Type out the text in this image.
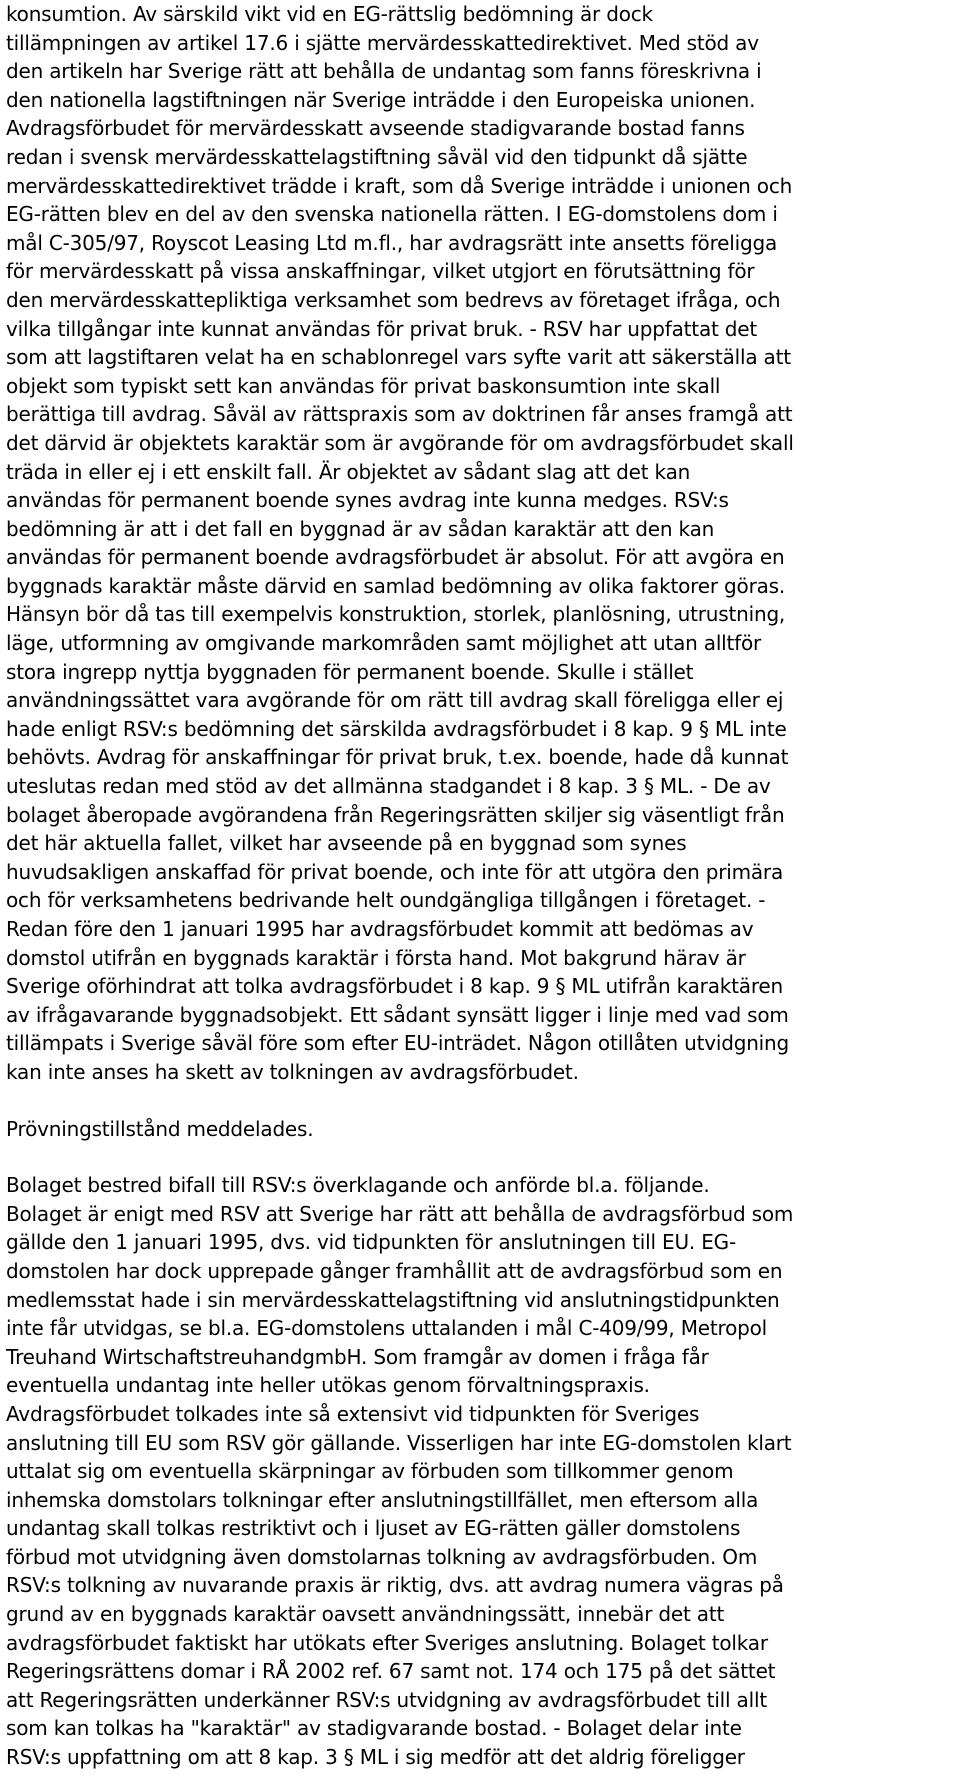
konsumtion. Av särskild vikt vid en EG-rättslig bedömning är dock
tillämpningen av artikel 17.6 i sjätte mervärdesskattedirektivet. Med stöd av
den artikeln har Sverige rätt att behålla de undantag som fanns föreskrivna i
den nationella lagstiftningen när Sverige inträdde i den Europeiska unionen.
Avdragsförbudet för mervärdesskatt avseende stadigvarande bostad fanns
redan i svensk mervärdesskattelagstiftning såväl vid den tidpunkt då sjätte
mervärdesskattedirektivet trädde i kraft, som då Sverige inträdde i unionen och
EG-rätten blev en del av den svenska nationella rätten. I EG-domstolens dom i
mål C-305/97, Royscot Leasing Ltd m.fl., har avdragsrätt inte ansetts föreligga
för mervärdesskatt på vissa anskaffningar, vilket utgjort en förutsättning för
den mervärdesskattepliktiga verksamhet som bedrevs av företaget ifråga, och
vilka tillgångar inte kunnat användas för privat bruk. - RSV har uppfattat det
som att lagstiftaren velat ha en schablonregel vars syfte varit att säkerställa att
objekt som typiskt sett kan användas för privat baskonsumtion inte skall
berättiga till avdrag. Såväl av rättspraxis som av doktrinen får anses framgå att
det därvid är objektets karaktär som är avgörande för om avdragsförbudet skall
träda in eller ej i ett enskilt fall. Är objektet av sådant slag att det kan
användas för permanent boende synes avdrag inte kunna medges. RSV:s
bedömning är att i det fall en byggnad är av sådan karaktär att den kan
användas för permanent boende avdragsförbudet är absolut. För att avgöra en
byggnads karaktär måste därvid en samlad bedömning av olika faktorer göras.
Hänsyn bör då tas till exempelvis konstruktion, storlek, planlösning, utrustning,
läge, utformning av omgivande markområden samt möjlighet att utan alltför
stora ingrepp nyttja byggnaden för permanent boende. Skulle i stället
användningssättet vara avgörande för om rätt till avdrag skall föreligga eller ej
hade enligt RSV:s bedömning det särskilda avdragsförbudet i 8 kap. 9 § ML inte
behövts. Avdrag för anskaffningar för privat bruk, t.ex. boende, hade då kunnat
uteslutas redan med stöd av det allmänna stadgandet i 8 kap. 3 § ML. - De av
bolaget åberopade avgörandena från Regeringsrätten skiljer sig väsentligt från
det här aktuella fallet, vilket har avseende på en byggnad som synes
huvudsakligen anskaffad för privat boende, och inte för att utgöra den primära
och för verksamhetens bedrivande helt oundgängliga tillgången i företaget. -
Redan före den 1 januari 1995 har avdragsförbudet kommit att bedömas av
domstol utifrån en byggnads karaktär i första hand. Mot bakgrund härav är
Sverige oförhindrat att tolka avdragsförbudet i 8 kap. 9 § ML utifrån karaktären
av ifrågavarande byggnadsobjekt. Ett sådant synsätt ligger i linje med vad som
tillämpats i Sverige såväl före som efter EU-inträdet. Någon otillåten utvidgning
kan inte anses ha skett av tolkningen av avdragsförbudet.

Prövningstillstånd meddelades.

Bolaget bestred bifall till RSV:s överklagande och anförde bl.a. följande.
Bolaget är enigt med RSV att Sverige har rätt att behålla de avdragsförbud som
gällde den 1 januari 1995, dvs. vid tidpunkten för anslutningen till EU. EG-
domstolen har dock upprepade gånger framhållit att de avdragsförbud som en
medlemsstat hade i sin mervärdesskattelagstiftning vid anslutningstidpunkten
inte får utvidgas, se bl.a. EG-domstolens uttalanden i mål C-409/99, Metropol
Treuhand WirtschaftstreuhandgmbH. Som framgår av domen i fråga får
eventuella undantag inte heller utökas genom förvaltningspraxis.
Avdragsförbudet tolkades inte så extensivt vid tidpunkten för Sveriges
anslutning till EU som RSV gör gällande. Visserligen har inte EG-domstolen klart
uttalat sig om eventuella skärpningar av förbuden som tillkommer genom
inhemska domstolars tolkningar efter anslutningstillfället, men eftersom alla
undantag skall tolkas restriktivt och i ljuset av EG-rätten gäller domstolens
förbud mot utvidgning även domstolarnas tolkning av avdragsförbuden. Om
RSV:s tolkning av nuvarande praxis är riktig, dvs. att avdrag numera vägras på
grund av en byggnads karaktär oavsett användningssätt, innebär det att
avdragsförbudet faktiskt har utökats efter Sveriges anslutning. Bolaget tolkar
Regeringsrättens domar i RÅ 2002 ref. 67 samt not. 174 och 175 på det sättet
att Regeringsrätten underkänner RSV:s utvidgning av avdragsförbudet till allt
som kan tolkas ha "karaktär" av stadigvarande bostad. - Bolaget delar inte
RSV:s uppfattning om att 8 kap. 3 § ML i sig medför att det aldrig föreligger
